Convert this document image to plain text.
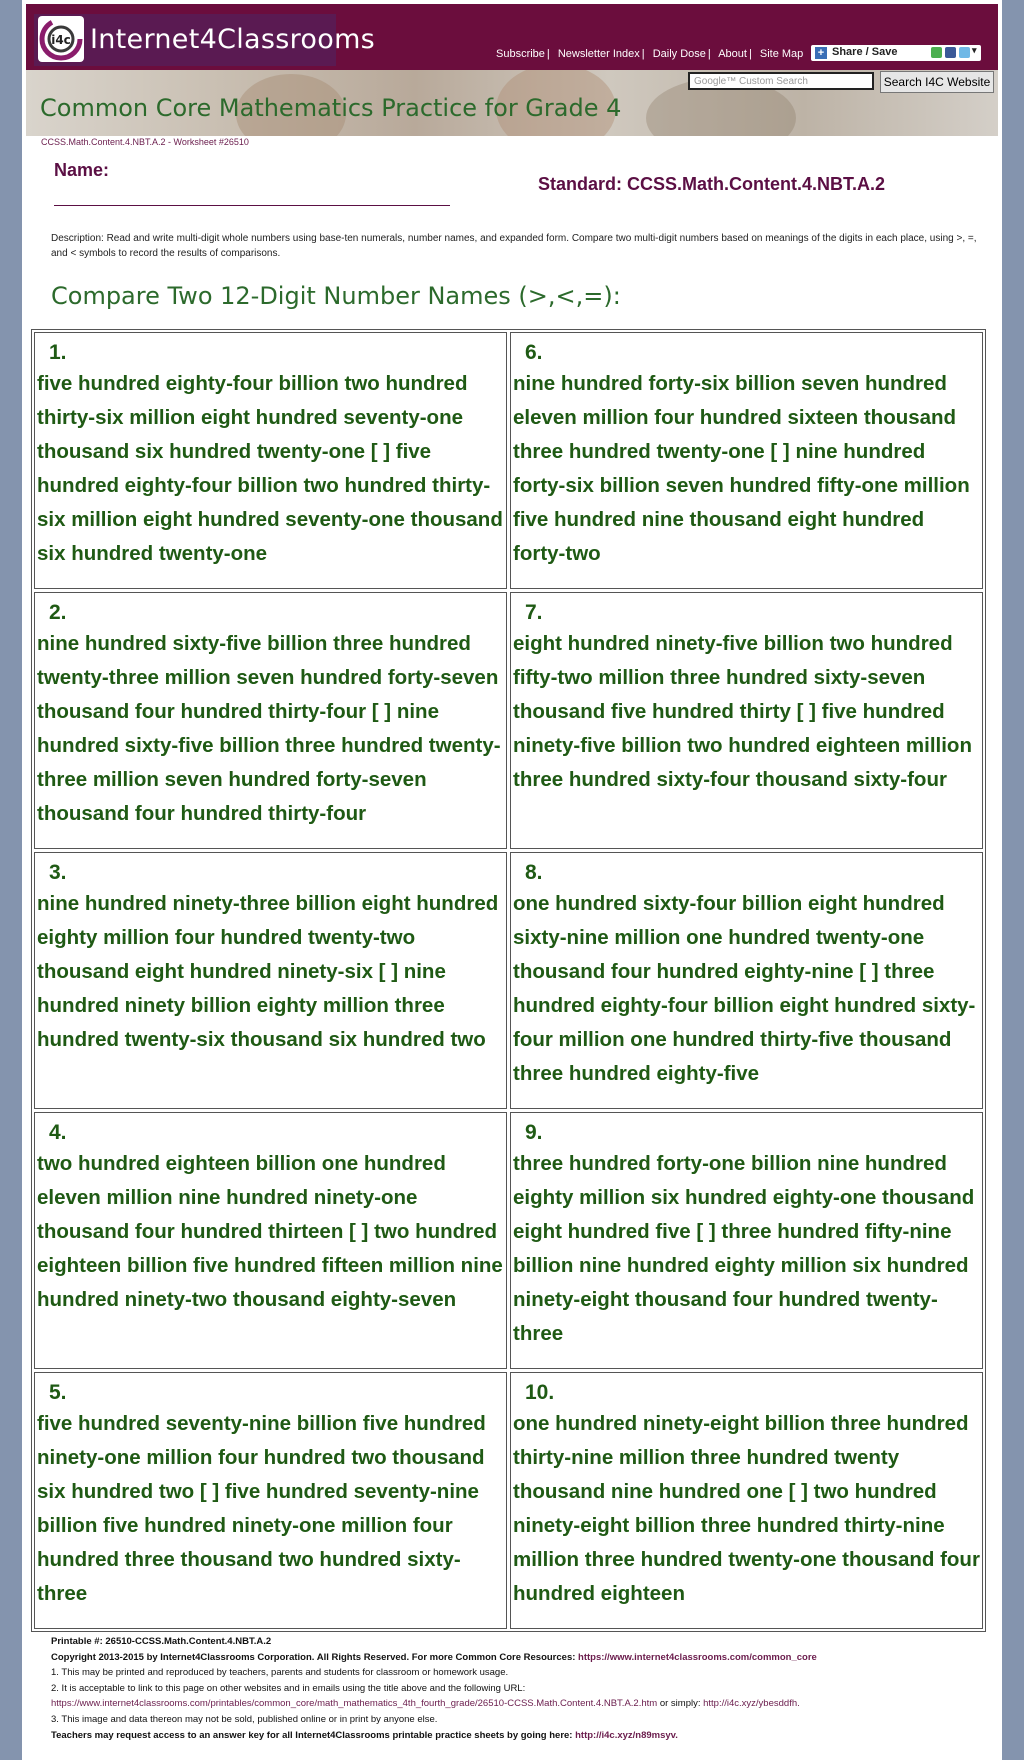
i4c Internet4Classrooms	Subscribe | Newsletter Index | Daily Dose | About | Site Map + Share / Save	▾
Common Core Mathematics Practice for Grade 4
Google™ Custom Search	Search I4C Website
CCSS.Math.Content.4.NBT.A.2 - Worksheet #26510
Name:
Standard: CCSS.Math.Content.4.NBT.A.2
Description: Read and write multi-digit whole numbers using base-ten numerals, number names, and expanded form. Compare two multi-digit numbers based on meanings of the digits in each place, using >, =, and < symbols to record the results of comparisons.
Compare Two 12-Digit Number Names (>,<,=):
1.
five hundred eighty-four billion two hundred thirty-six million eight hundred seventy-one thousand six hundred twenty-one [ ] five hundred eighty-four billion two hundred thirty-six million eight hundred seventy-one thousand six hundred twenty-one
6.
nine hundred forty-six billion seven hundred eleven million four hundred sixteen thousand three hundred twenty-one [ ] nine hundred forty-six billion seven hundred fifty-one million five hundred nine thousand eight hundred forty-two
2.
nine hundred sixty-five billion three hundred twenty-three million seven hundred forty-seven thousand four hundred thirty-four [ ] nine hundred sixty-five billion three hundred twenty-three million seven hundred forty-seven thousand four hundred thirty-four
7.
eight hundred ninety-five billion two hundred fifty-two million three hundred sixty-seven thousand five hundred thirty [ ] five hundred ninety-five billion two hundred eighteen million three hundred sixty-four thousand sixty-four
3.
nine hundred ninety-three billion eight hundred eighty million four hundred twenty-two thousand eight hundred ninety-six [ ] nine hundred ninety billion eighty million three hundred twenty-six thousand six hundred two
8.
one hundred sixty-four billion eight hundred sixty-nine million one hundred twenty-one thousand four hundred eighty-nine [ ] three hundred eighty-four billion eight hundred sixty-four million one hundred thirty-five thousand three hundred eighty-five
4.
two hundred eighteen billion one hundred eleven million nine hundred ninety-one thousand four hundred thirteen [ ] two hundred eighteen billion five hundred fifteen million nine hundred ninety-two thousand eighty-seven
9.
three hundred forty-one billion nine hundred eighty million six hundred eighty-one thousand eight hundred five [ ] three hundred fifty-nine billion nine hundred eighty million six hundred ninety-eight thousand four hundred twenty-three
5.
five hundred seventy-nine billion five hundred ninety-one million four hundred two thousand six hundred two [ ] five hundred seventy-nine billion five hundred ninety-one million four hundred three thousand two hundred sixty-three
10.
one hundred ninety-eight billion three hundred thirty-nine million three hundred twenty thousand nine hundred one [ ] two hundred ninety-eight billion three hundred thirty-nine million three hundred twenty-one thousand four hundred eighteen
Printable #: 26510-CCSS.Math.Content.4.NBT.A.2
Copyright 2013-2015 by Internet4Classrooms Corporation. All Rights Reserved. For more Common Core Resources: https://www.internet4classrooms.com/common_core
1. This may be printed and reproduced by teachers, parents and students for classroom or homework usage.
2. It is acceptable to link to this page on other websites and in emails using the title above and the following URL:
https://www.internet4classrooms.com/printables/common_core/math_mathematics_4th_fourth_grade/26510-CCSS.Math.Content.4.NBT.A.2.htm or simply: http://i4c.xyz/ybesddfh.
3. This image and data thereon may not be sold, published online or in print by anyone else.
Teachers may request access to an answer key for all Internet4Classrooms printable practice sheets by going here: http://i4c.xyz/n89msyv.
